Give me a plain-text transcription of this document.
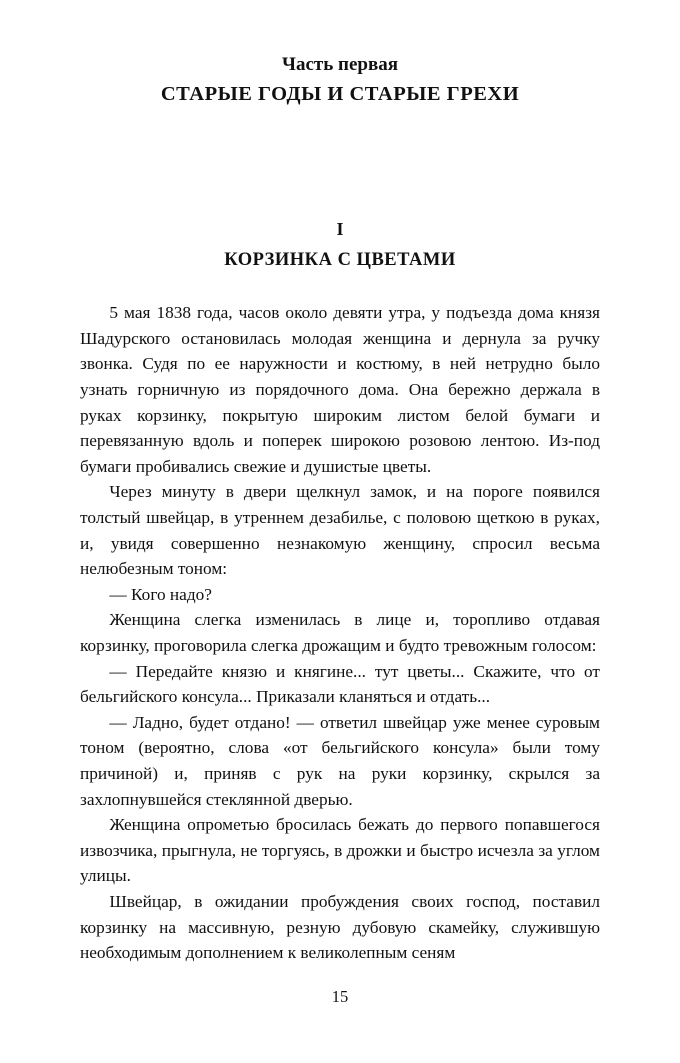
Часть первая
СТАРЫЕ ГОДЫ И СТАРЫЕ ГРЕХИ
I
КОРЗИНКА С ЦВЕТАМИ

5 мая 1838 года, часов около девяти утра, у подъезда дома князя Шадурского остановилась молодая женщина и дернула за ручку звонка. Судя по ее наружности и костюму, в ней нетрудно было узнать горничную из порядочного дома. Она бережно держала в руках корзинку, покрытую широким листом белой бумаги и перевязанную вдоль и поперек широкою розовою лентою. Из-под бумаги пробивались свежие и душистые цветы.

Через минуту в двери щелкнул замок, и на пороге появился толстый швейцар, в утреннем дезабилье, с половою щеткою в руках, и, увидя совершенно незнакомую женщину, спросил весьма нелюбезным тоном:

— Кого надо?

Женщина слегка изменилась в лице и, торопливо отдавая корзинку, проговорила слегка дрожащим и будто тревожным голосом:

— Передайте князю и княгине... тут цветы... Скажите, что от бельгийского консула... Приказали кланяться и отдать...

— Ладно, будет отдано! — ответил швейцар уже менее суровым тоном (вероятно, слова «от бельгийского консула» были тому причиной) и, приняв с рук на руки корзинку, скрылся за захлопнувшейся стеклянной дверью.

Женщина опрометью бросилась бежать до первого попавшегося извозчика, прыгнула, не торгуясь, в дрожки и быстро исчезла за углом улицы.

Швейцар, в ожидании пробуждения своих господ, поставил корзинку на массивную, резную дубовую скамейку, служившую необходимым дополнением к великолепным сеням

15
